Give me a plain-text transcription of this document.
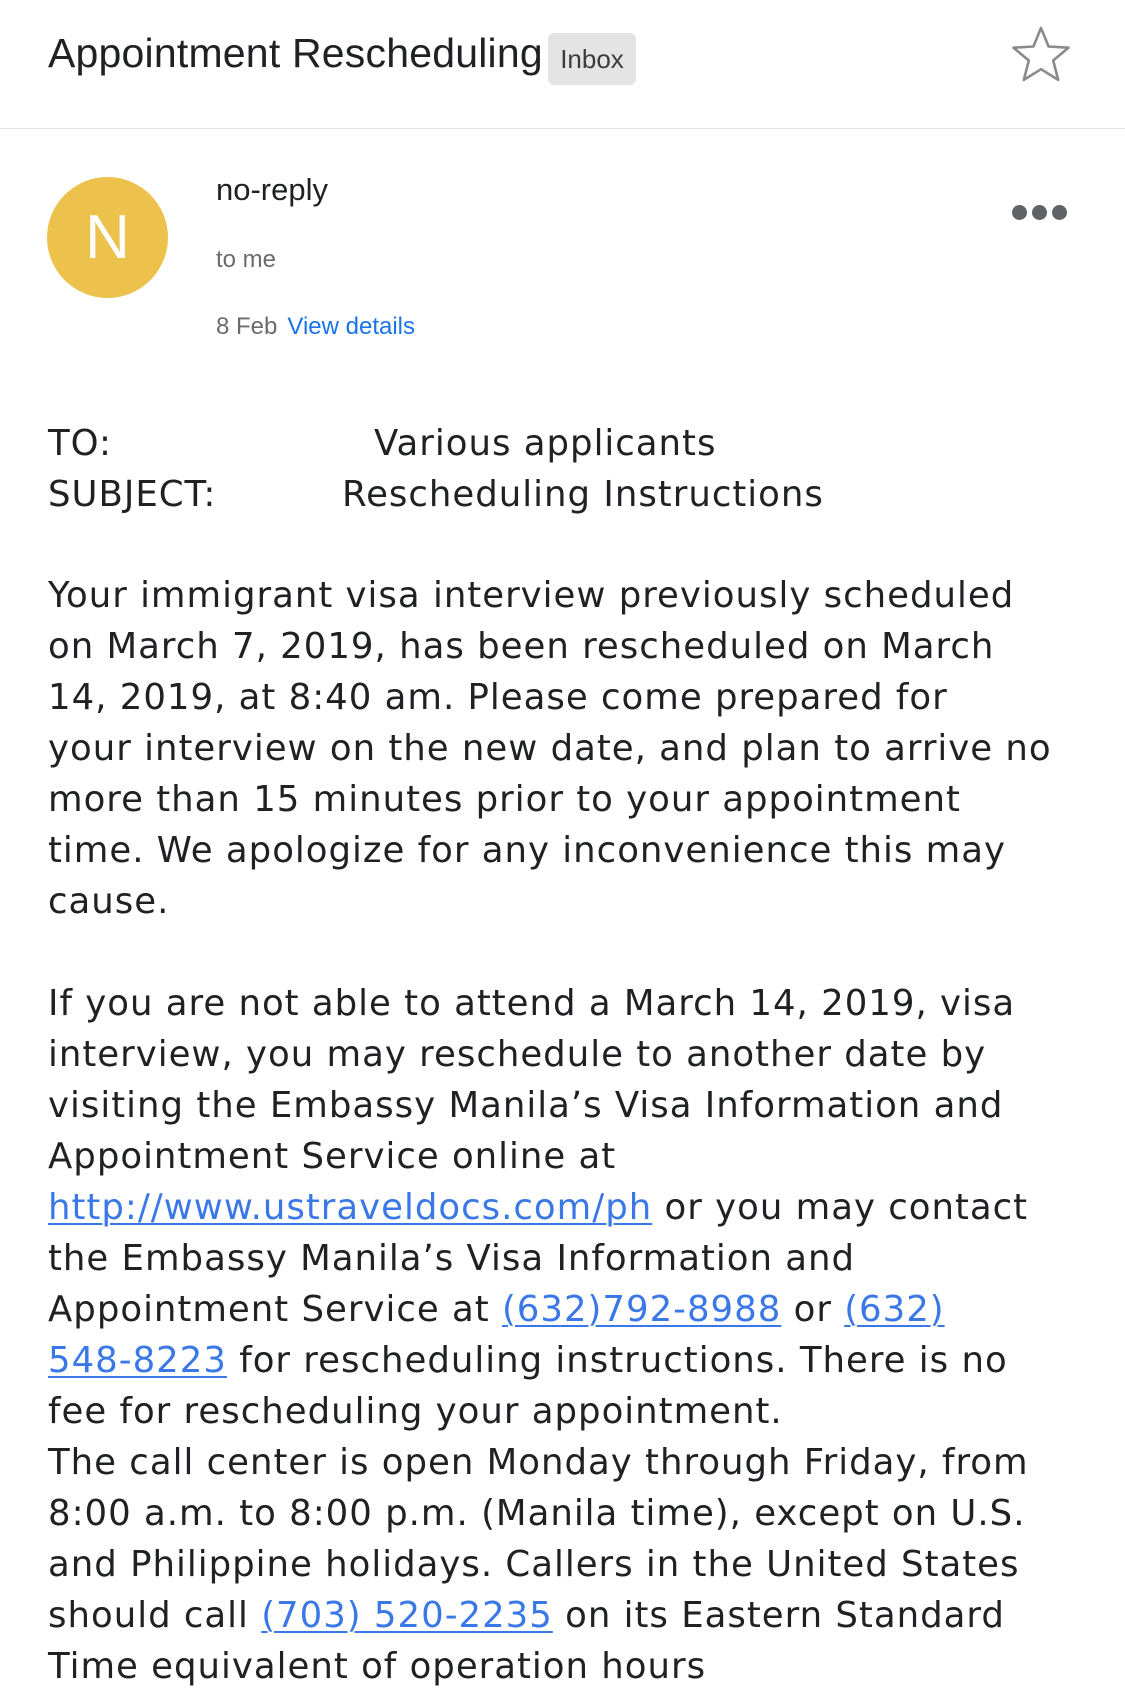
Appointment Rescheduling Inbox
N
no-reply
to me
8 Feb View details
TO:	Various applicants
SUBJECT:	Rescheduling Instructions
Your immigrant visa interview previously scheduled
on March 7, 2019, has been rescheduled on March
14, 2019, at 8:40 am. Please come prepared for
your interview on the new date, and plan to arrive no
more than 15 minutes prior to your appointment
time. We apologize for any inconvenience this may
cause.
If you are not able to attend a March 14, 2019, visa
interview, you may reschedule to another date by
visiting the Embassy Manila’s Visa Information and
Appointment Service online at
http://www.ustraveldocs.com/ph or you may contact
the Embassy Manila’s Visa Information and
Appointment Service at (632)792-8988 or (632)
548-8223 for rescheduling instructions. There is no
fee for rescheduling your appointment.
The call center is open Monday through Friday, from
8:00 a.m. to 8:00 p.m. (Manila time), except on U.S.
and Philippine holidays. Callers in the United States
should call (703) 520-2235 on its Eastern Standard
Time equivalent of operation hours
